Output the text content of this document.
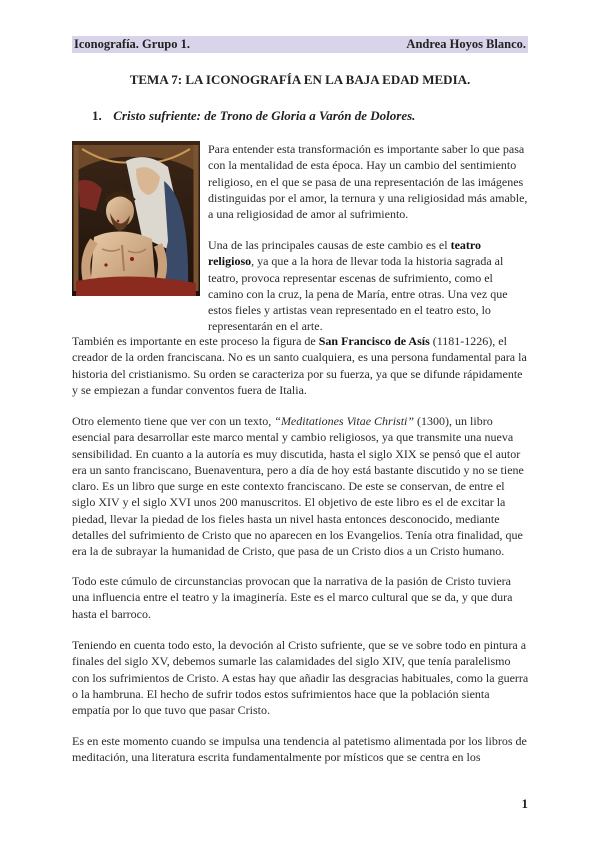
Iconografía. Grupo 1.	Andrea Hoyos Blanco.
TEMA 7: LA ICONOGRAFÍA EN LA BAJA EDAD MEDIA.
1. Cristo sufriente: de Trono de Gloria a Varón de Dolores.
Para entender esta transformación es importante saber lo que pasa con la mentalidad de esta época. Hay un cambio del sentimiento religioso, en el que se pasa de una representación de las imágenes distinguidas por el amor, la ternura y una religiosidad más amable, a una religiosidad de amor al sufrimiento.
Una de las principales causas de este cambio es el teatro religioso, ya que a la hora de llevar toda la historia sagrada al teatro, provoca representar escenas de sufrimiento, como el camino con la cruz, la pena de María, entre otras. Una vez que estos fieles y artistas vean representado en el teatro esto, lo representarán en el arte.
También es importante en este proceso la figura de San Francisco de Asís (1181-1226), el creador de la orden franciscana. No es un santo cualquiera, es una persona fundamental para la historia del cristianismo. Su orden se caracteriza por su fuerza, ya que se difunde rápidamente y se empiezan a fundar conventos fuera de Italia.
Otro elemento tiene que ver con un texto, “Meditationes Vitae Christi” (1300), un libro esencial para desarrollar este marco mental y cambio religiosos, ya que transmite una nueva sensibilidad. En cuanto a la autoría es muy discutida, hasta el siglo XIX se pensó que el autor era un santo franciscano, Buenaventura, pero a día de hoy está bastante discutido y no se tiene claro. Es un libro que surge en este contexto franciscano. De este se conservan, de entre el siglo XIV y el siglo XVI unos 200 manuscritos. El objetivo de este libro es el de excitar la piedad, llevar la piedad de los fieles hasta un nivel hasta entonces desconocido, mediante detalles del sufrimiento de Cristo que no aparecen en los Evangelios. Tenía otra finalidad, que era la de subrayar la humanidad de Cristo, que pasa de un Cristo dios a un Cristo humano.
Todo este cúmulo de circunstancias provocan que la narrativa de la pasión de Cristo tuviera una influencia entre el teatro y la imaginería. Este es el marco cultural que se da, y que dura hasta el barroco.
Teniendo en cuenta todo esto, la devoción al Cristo sufriente, que se ve sobre todo en pintura a finales del siglo XV, debemos sumarle las calamidades del siglo XIV, que tenía paralelismo con los sufrimientos de Cristo. A estas hay que añadir las desgracias habituales, como la guerra o la hambruna. El hecho de sufrir todos estos sufrimientos hace que la población sienta empatía por lo que tuvo que pasar Cristo.
Es en este momento cuando se impulsa una tendencia al patetismo alimentada por los libros de meditación, una literatura escrita fundamentalmente por místicos que se centra en los
1
